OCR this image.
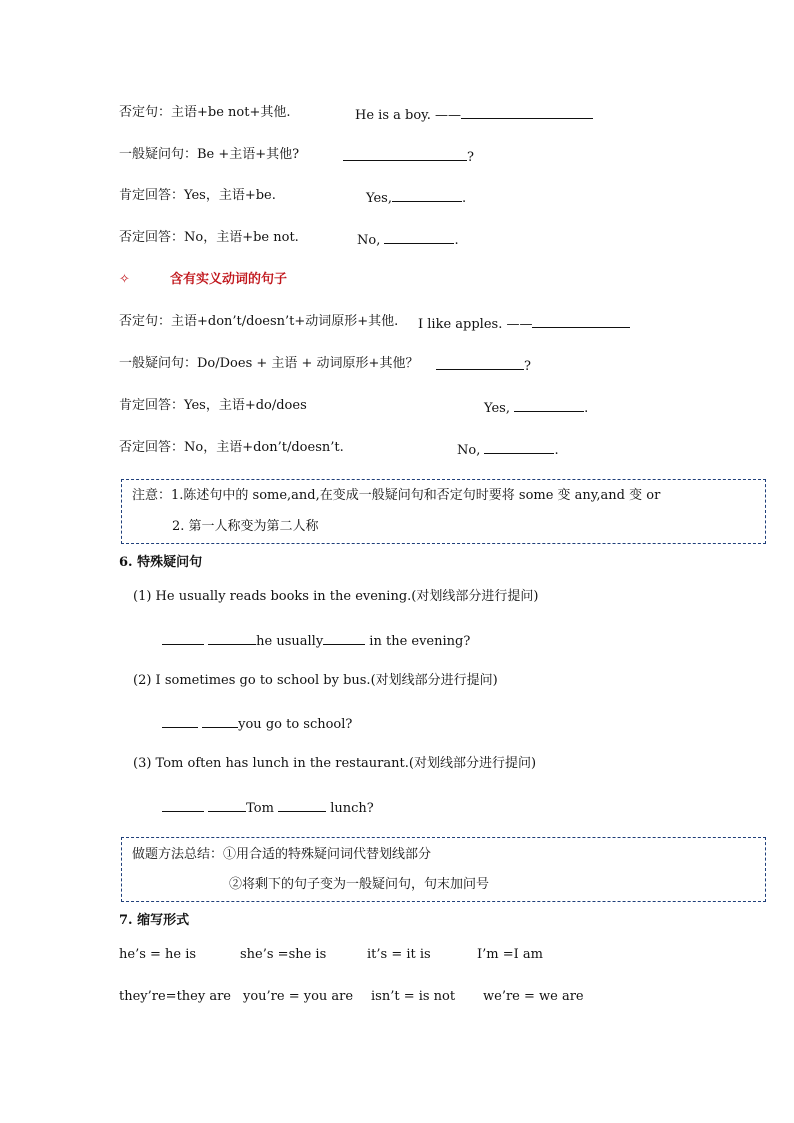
否定句：主语+be not+其他.	He is a boy. ——
一般疑问句：Be +主语+其他?	?
肯定回答：Yes，主语+be.	Yes,	.
否定回答：No，主语+be not.	No,	.
✧	含有实义动词的句子
否定句：主语+don’t/doesn’t+动词原形+其他. I like apples. ——
一般疑问句：Do/Does + 主语 + 动词原形+其他？	?
肯定回答：Yes，主语+do/does	Yes,	.
否定回答：No，主语+don’t/doesn’t.	No,	.
注意：1.陈述句中的 some,and,在变成一般疑问句和否定句时要将 some 变 any,and 变 or
2. 第一人称变为第二人称
6. 特殊疑问句
(1) He usually reads books in the evening.(对划线部分进行提问)
he usually	in the evening?
(2) I sometimes go to school by bus.(对划线部分进行提问)
you go to school?
(3) Tom often has lunch in the restaurant.(对划线部分进行提问)
Tom	lunch?
做题方法总结：①用合适的特殊疑问词代替划线部分
②将剩下的句子变为一般疑问句，句末加问号
7. 缩写形式
he’s = he is	she’s =she is	it’s = it is	I’m =I am
they’re=they are you’re = you are isn’t = is not we’re = we are
